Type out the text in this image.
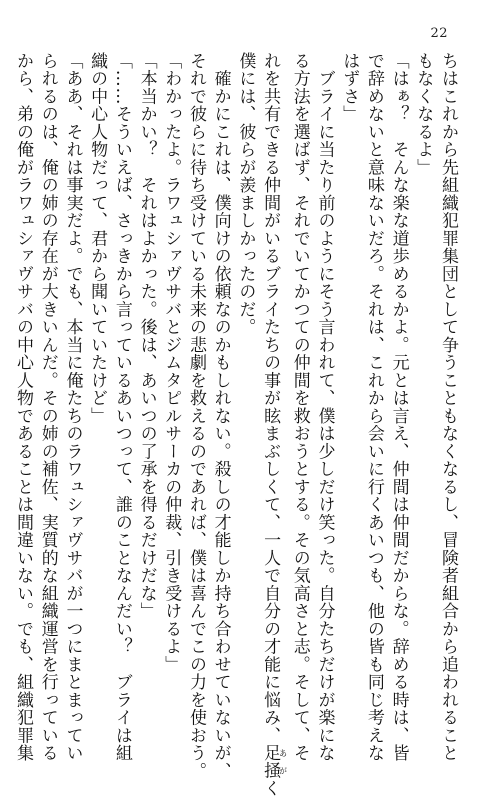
22
ちはこれから先組織犯罪集団として争うこともなくなるし、冒険者組合から追われること
もなくなるよ」
「はぁ？　そんな楽な道歩めるかよ。元とは言え、仲間は仲間だからな。辞める時は、皆
で辞めないと意味ないだろ。それは、これから会いに行くあいつも、他の皆も同じ考えな
はずさ」
　ブライに当たり前のようにそう言われて、僕は少しだけ笑った。自分たちだけが楽にな
る方法を選ばず、それでいてかつての仲間を救おうとする。その気高さと志。そして、そ
れを共有できる仲間がいるブライたちの事が眩まぶしくて、一人で自分の才能に悩み、足掻あがく
僕には、彼らが羨ましかったのだ。
　確かにこれは、僕向けの依頼なのかもしれない。殺しの才能しか持ち合わせていないが、
それで彼らに待ち受けている未来の悲劇を救えるのであれば、僕は喜んでこの力を使おう。
「わかったよ。ラワュシァヴサバとジムタピルサーカの仲裁、引き受けるよ」
「本当かい？　それはよかった。後は、あいつの了承を得るだけだな」
「……そういえば、さっきから言っているあいつって、誰のことなんだい？　ブライは組
織の中心人物だって、君から聞いていたけど」
「ああ、それは事実だよ。でも、本当に俺たちのラワュシァヴサバが一つにまとまってい
られるのは、俺の姉の存在が大きいんだ。その姉の補佐、実質的な組織運営を行っている
から、弟の俺がラワュシァヴサバの中心人物であることは間違いない。でも、組織犯罪集
